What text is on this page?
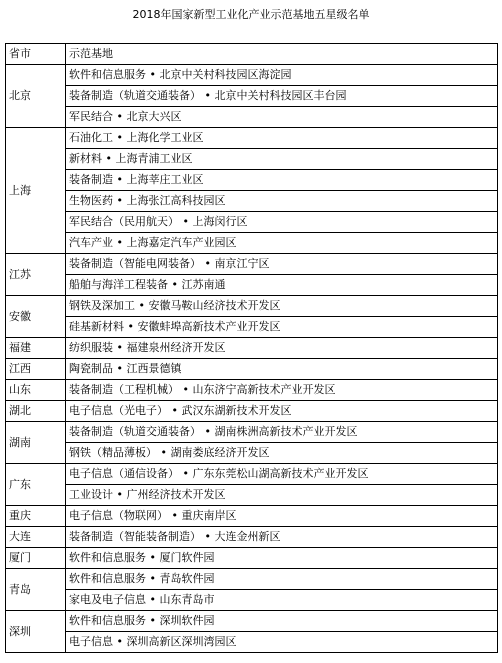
2018年国家新型工业化产业示范基地五星级名单
省市	示范基地
北京	软件和信息服务 • 北京中关村科技园区海淀园
	装备制造（轨道交通装备） • 北京中关村科技园区丰台园
	军民结合 • 北京大兴区
上海	石油化工 • 上海化学工业区
	新材料 • 上海青浦工业区
	装备制造 • 上海莘庄工业区
	生物医药 • 上海张江高科技园区
	军民结合（民用航天） • 上海闵行区
	汽车产业 • 上海嘉定汽车产业园区
江苏	装备制造（智能电网装备） • 南京江宁区
	船舶与海洋工程装备 • 江苏南通
安徽	钢铁及深加工 • 安徽马鞍山经济技术开发区
	硅基新材料 • 安徽蚌埠高新技术产业开发区
福建	纺织服装 • 福建泉州经济开发区
江西	陶瓷制品 • 江西景德镇
山东	装备制造（工程机械） • 山东济宁高新技术产业开发区
湖北	电子信息（光电子） • 武汉东湖新技术开发区
湖南	装备制造（轨道交通装备） • 湖南株洲高新技术产业开发区
	钢铁（精品薄板） • 湖南娄底经济开发区
广东	电子信息（通信设备） • 广东东莞松山湖高新技术产业开发区
	工业设计 • 广州经济技术开发区
重庆	电子信息（物联网） • 重庆南岸区
大连	装备制造（智能装备制造） • 大连金州新区
厦门	软件和信息服务 • 厦门软件园
青岛	软件和信息服务 • 青岛软件园
	家电及电子信息 • 山东青岛市
深圳	软件和信息服务 • 深圳软件园
	电子信息 • 深圳高新区深圳湾园区
